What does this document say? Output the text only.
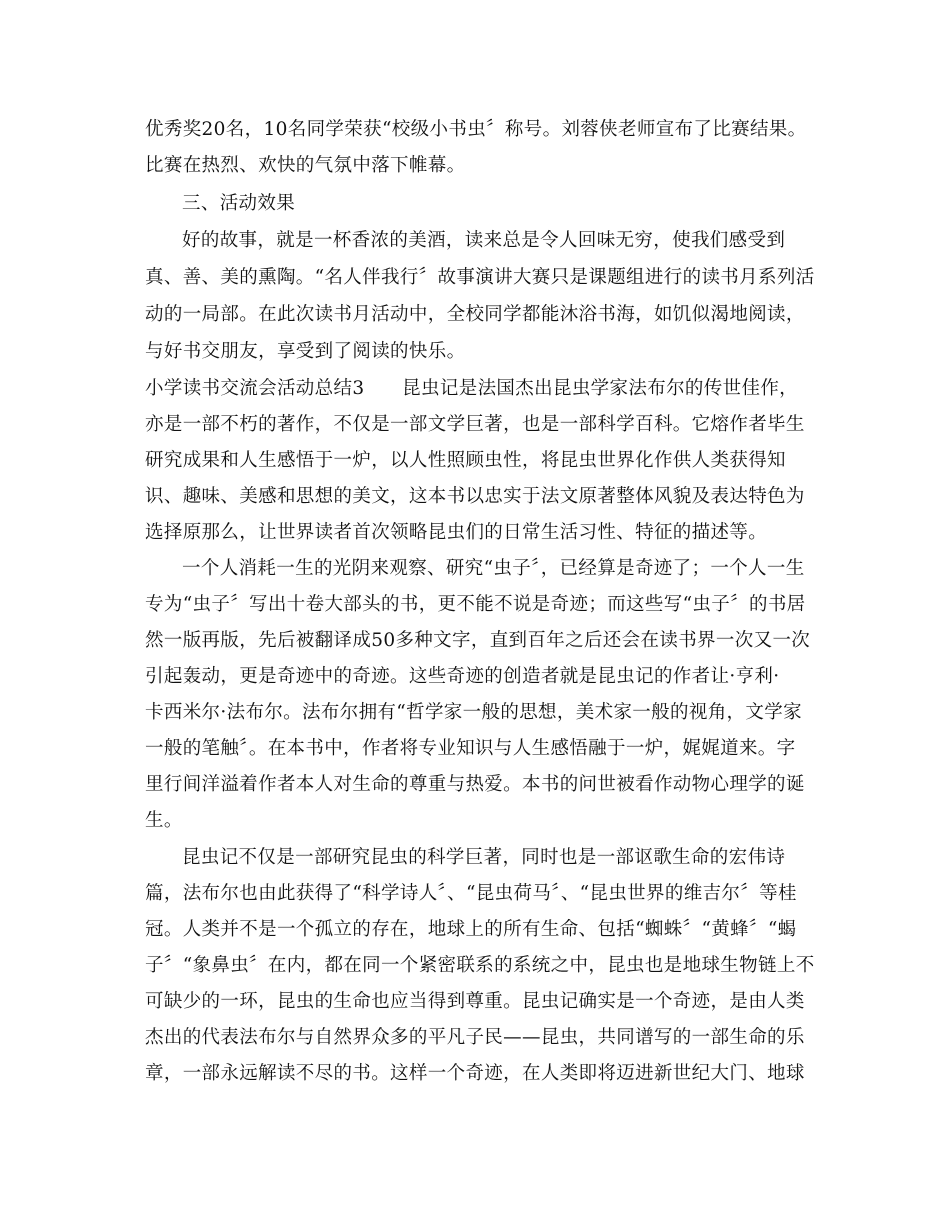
优秀奖20名，10名同学荣获“校级小书虫〞称号。刘蓉侠老师宣布了比赛结果。
比赛在热烈、欢快的气氛中落下帷幕。
三、活动效果
好的故事，就是一杯香浓的美酒，读来总是令人回味无穷，使我们感受到
真、善、美的熏陶。“名人伴我行〞故事演讲大赛只是课题组进行的读书月系列活
动的一局部。在此次读书月活动中，全校同学都能沐浴书海，如饥似渴地阅读，
与好书交朋友，享受到了阅读的快乐。
小学读书交流会活动总结3　　昆虫记是法国杰出昆虫学家法布尔的传世佳作，
亦是一部不朽的著作，不仅是一部文学巨著，也是一部科学百科。它熔作者毕生
研究成果和人生感悟于一炉，以人性照顾虫性，将昆虫世界化作供人类获得知
识、趣味、美感和思想的美文，这本书以忠实于法文原著整体风貌及表达特色为
选择原那么，让世界读者首次领略昆虫们的日常生活习性、特征的描述等。
一个人消耗一生的光阴来观察、研究“虫子〞，已经算是奇迹了；一个人一生
专为“虫子〞写出十卷大部头的书，更不能不说是奇迹；而这些写“虫子〞的书居
然一版再版，先后被翻译成50多种文字，直到百年之后还会在读书界一次又一次
引起轰动，更是奇迹中的奇迹。这些奇迹的创造者就是昆虫记的作者让·亨利·
卡西米尔·法布尔。法布尔拥有“哲学家一般的思想，美术家一般的视角，文学家
一般的笔触〞。在本书中，作者将专业知识与人生感悟融于一炉，娓娓道来。字
里行间洋溢着作者本人对生命的尊重与热爱。本书的问世被看作动物心理学的诞
生。
昆虫记不仅是一部研究昆虫的科学巨著，同时也是一部讴歌生命的宏伟诗
篇，法布尔也由此获得了“科学诗人〞、“昆虫荷马〞、“昆虫世界的维吉尔〞等桂
冠。人类并不是一个孤立的存在，地球上的所有生命、包括“蜘蛛〞“黄蜂〞“蝎
子〞“象鼻虫〞在内，都在同一个紧密联系的系统之中，昆虫也是地球生物链上不
可缺少的一环，昆虫的生命也应当得到尊重。昆虫记确实是一个奇迹，是由人类
杰出的代表法布尔与自然界众多的平凡子民——昆虫，共同谱写的一部生命的乐
章，一部永远解读不尽的书。这样一个奇迹，在人类即将迈进新世纪大门、地球
